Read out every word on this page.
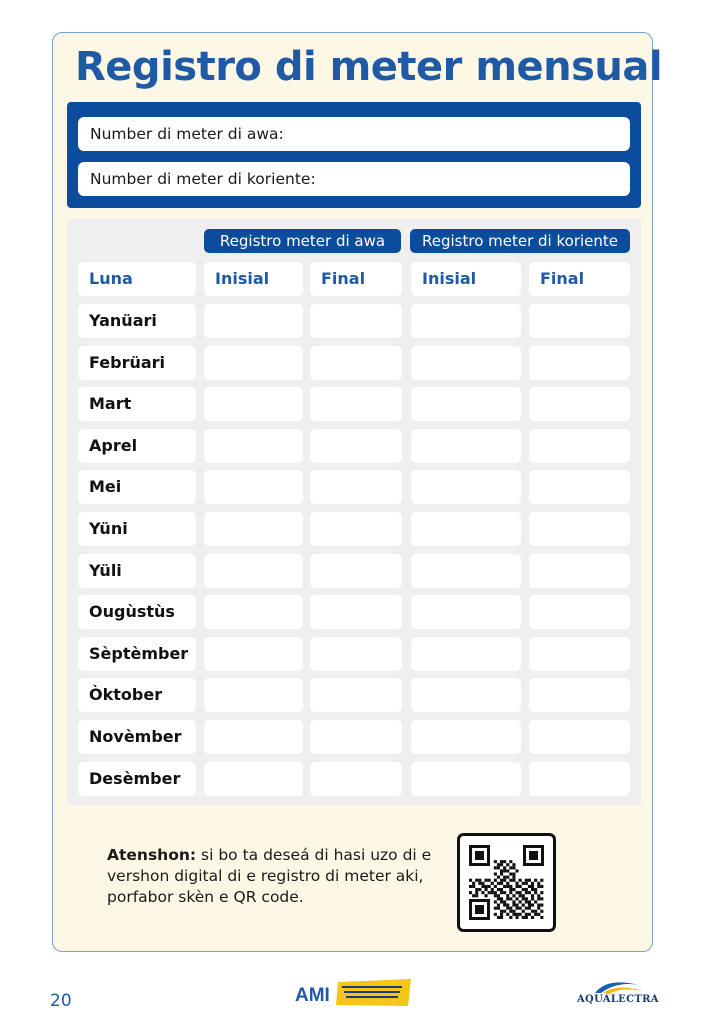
Registro di meter mensual
Number di meter di awa:
Number di meter di koriente:
Registro meter di awa	Registro meter di koriente
Luna	Inisial	Final	Inisial	Final
Yanüari
Febrüari
Mart
Aprel
Mei
Yüni
Yüli
Ougùstùs
Sèptèmber
Òktober
Novèmber
Desèmber
Atenshon: si bo ta deseá di hasi uzo di e vershon digital di e registro di meter aki, porfabor skèn e QR code.
20	AMI	AQUALECTRA
